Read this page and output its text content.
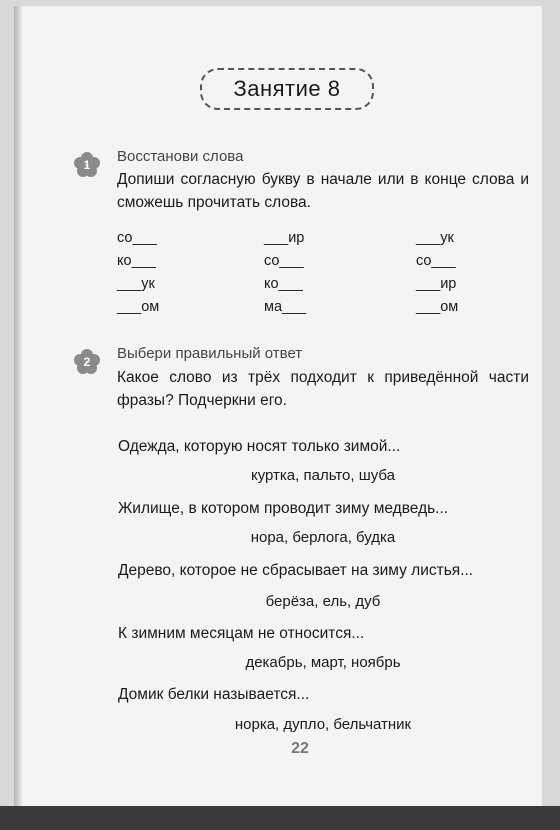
Занятие 8
1 Восстанови слова
Допиши согласную букву в начале или в конце слова и сможешь прочитать слова.
со___
ко___
___ук
___ом
___ир
со___
ко___
ма___
___ук
со___
___ир
___ом
2 Выбери правильный ответ
Какое слово из трёх подходит к приведённой части фразы? Подчеркни его.
Одежда, которую носят только зимой...
куртка, пальто, шуба
Жилище, в котором проводит зиму медведь...
нора, берлога, будка
Дерево, которое не сбрасывает на зиму листья...
берёза, ель, дуб
К зимним месяцам не относится...
декабрь, март, ноябрь
Домик белки называется...
норка, дупло, бельчатник
22
